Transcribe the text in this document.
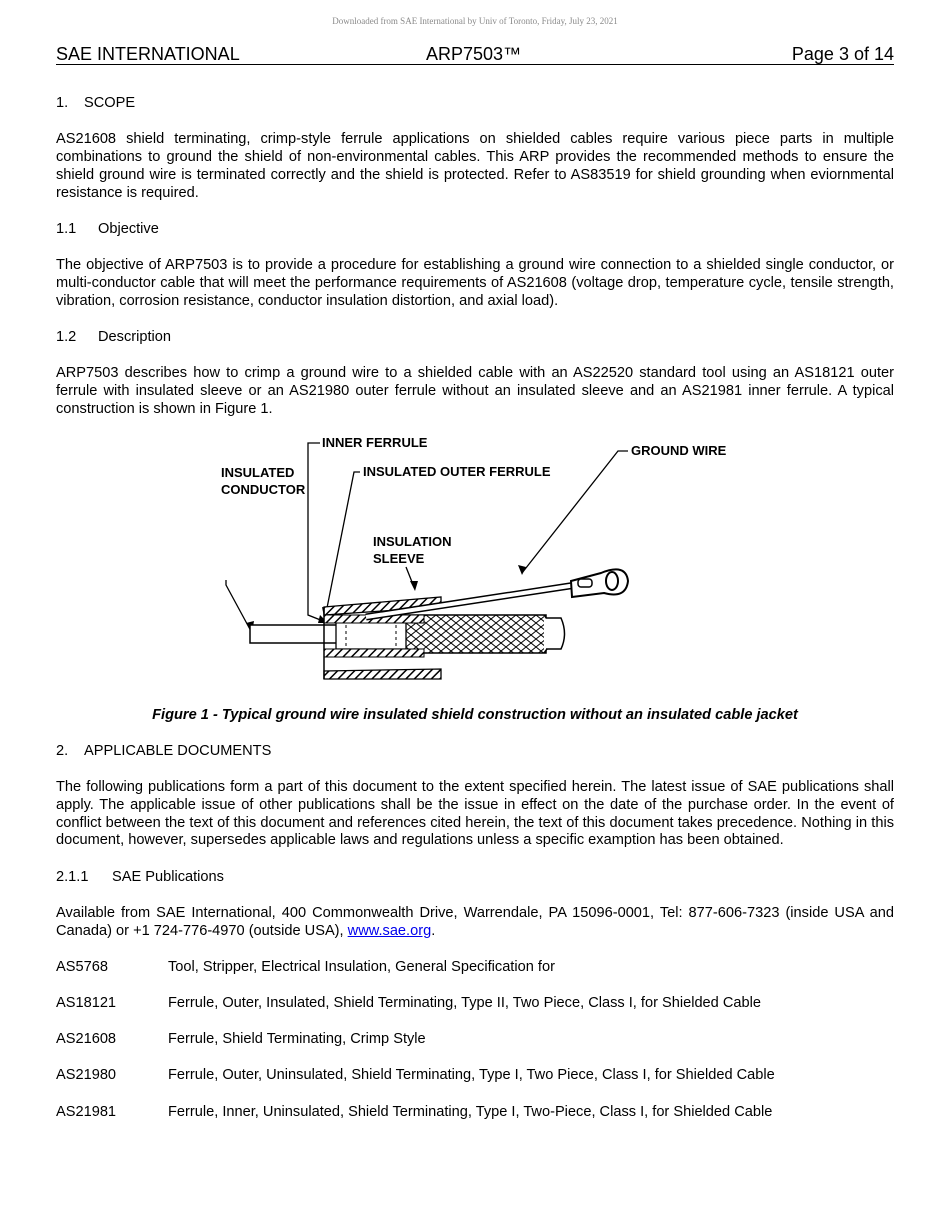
Downloaded from SAE International by Univ of Toronto, Friday, July 23, 2021
SAE INTERNATIONAL	ARP7503™	Page 3 of 14
1. SCOPE

AS21608 shield terminating, crimp-style ferrule applications on shielded cables require various piece parts in multiple combinations to ground the shield of non-environmental cables. This ARP provides the recommended methods to ensure the shield ground wire is terminated correctly and the shield is protected. Refer to AS83519 for shield grounding when eviornmental resistance is required.

1.1 Objective

The objective of ARP7503 is to provide a procedure for establishing a ground wire connection to a shielded single conductor, or multi-conductor cable that will meet the performance requirements of AS21608 (voltage drop, temperature cycle, tensile strength, vibration, corrosion resistance, conductor insulation distortion, and axial load).

1.2 Description

ARP7503 describes how to crimp a ground wire to a shielded cable with an AS22520 standard tool using an AS18121 outer ferrule with insulated sleeve or an AS21980 outer ferrule without an insulated sleeve and an AS21981 inner ferrule. A typical construction is shown in Figure 1.

INNER FERRULE
INSULATED
CONDUCTOR
INSULATED OUTER FERRULE
GROUND WIRE
INSULATION
SLEEVE

Figure 1 - Typical ground wire insulated shield construction without an insulated cable jacket

2. APPLICABLE DOCUMENTS

The following publications form a part of this document to the extent specified herein. The latest issue of SAE publications shall apply. The applicable issue of other publications shall be the issue in effect on the date of the purchase order. In the event of conflict between the text of this document and references cited herein, the text of this document takes precedence. Nothing in this document, however, supersedes applicable laws and regulations unless a specific examption has been obtained.

2.1.1 SAE Publications

Available from SAE International, 400 Commonwealth Drive, Warrendale, PA 15096-0001, Tel: 877-606-7323 (inside USA and Canada) or +1 724-776-4970 (outside USA), www.sae.org.

AS5768	Tool, Stripper, Electrical Insulation, General Specification for
AS18121	Ferrule, Outer, Insulated, Shield Terminating, Type II, Two Piece, Class I, for Shielded Cable
AS21608	Ferrule, Shield Terminating, Crimp Style
AS21980	Ferrule, Outer, Uninsulated, Shield Terminating, Type I, Two Piece, Class I, for Shielded Cable
AS21981	Ferrule, Inner, Uninsulated, Shield Terminating, Type I, Two-Piece, Class I, for Shielded Cable
